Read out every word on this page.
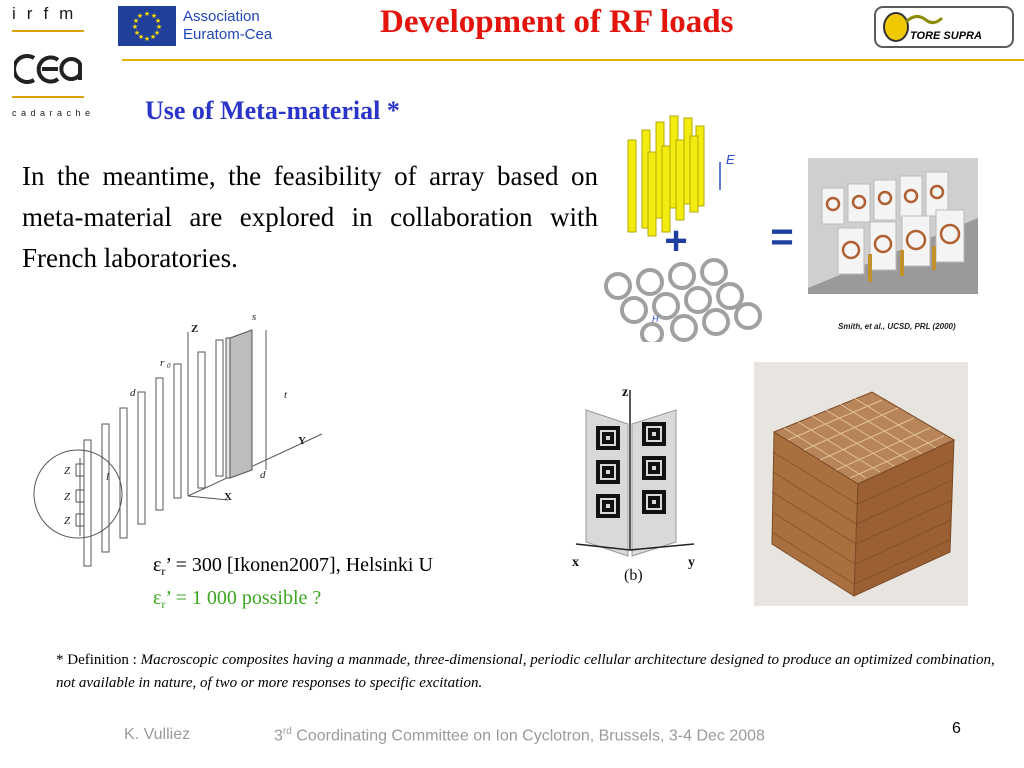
irfm
cadarache
★ ★
★
★
★
★
★
★
★
★
★
★	Association
Euratom-Cea	Development of RF loads	TORE SUPRA
Use of Meta-material *
In the meantime, the feasibility of array based on meta-material are explored in collaboration with French laboratories.
E
+
H
=
Smith, et al., UCSD, PRL (2000)
Z
s
r 0
d	t
Y
X
d
l
Z
Z
Z
z
x	y
(b)
$\varepsilon_r$’ = 300 [Ikonen2007], Helsinki U
$\varepsilon_r$’ = 1 000 possible ?
* Definition : Macroscopic composites having a manmade, three-dimensional, periodic cellular architecture designed to produce an optimized combination, not available in nature, of two or more responses to specific excitation.
K. Vulliez	3rd Coordinating Committee on Ion Cyclotron, Brussels, 3-4 Dec 2008	6
